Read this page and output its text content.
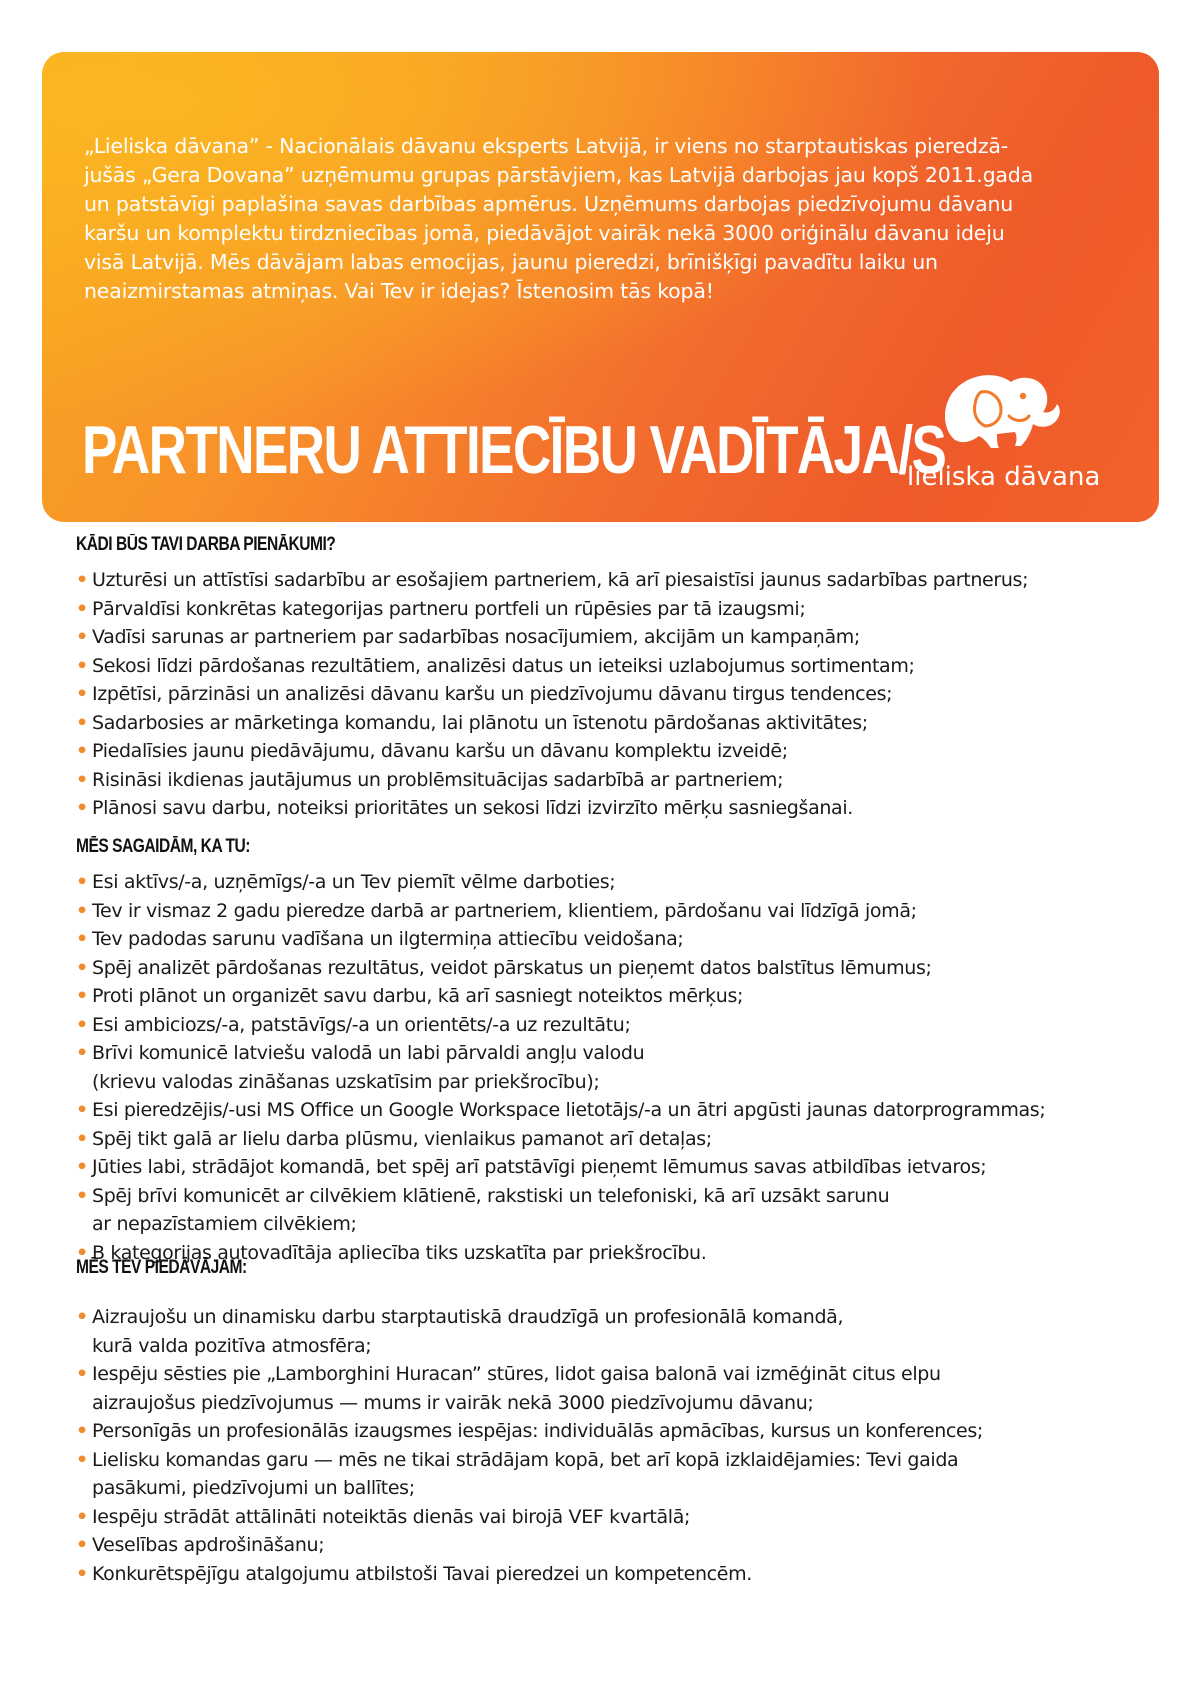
„Lieliska dāvana” - Nacionālais dāvanu eksperts Latvijā, ir viens no starptautiskas pieredzā-
jušās „Gera Dovana” uzņēmumu grupas pārstāvjiem, kas Latvijā darbojas jau kopš 2011.gada
un patstāvīgi paplašina savas darbības apmērus. Uzņēmums darbojas piedzīvojumu dāvanu
karšu un komplektu tirdzniecības jomā, piedāvājot vairāk nekā 3000 oriģinālu dāvanu ideju
visā Latvijā. Mēs dāvājam labas emocijas, jaunu pieredzi, brīnišķīgi pavadītu laiku un
neaizmirstamas atmiņas. Vai Tev ir idejas? Īstenosim tās kopā!
PARTNERU ATTIECĪBU VADĪTĀJA/S
lieliska dāvana
KĀDI BŪS TAVI DARBA PIENĀKUMI?
• Uzturēsi un attīstīsi sadarbību ar esošajiem partneriem, kā arī piesaistīsi jaunus sadarbības partnerus;
• Pārvaldīsi konkrētas kategorijas partneru portfeli un rūpēsies par tā izaugsmi;
• Vadīsi sarunas ar partneriem par sadarbības nosacījumiem, akcijām un kampaņām;
• Sekosi līdzi pārdošanas rezultātiem, analizēsi datus un ieteiksi uzlabojumus sortimentam;
• Izpētīsi, pārzināsi un analizēsi dāvanu karšu un piedzīvojumu dāvanu tirgus tendences;
• Sadarbosies ar mārketinga komandu, lai plānotu un īstenotu pārdošanas aktivitātes;
• Piedalīsies jaunu piedāvājumu, dāvanu karšu un dāvanu komplektu izveidē;
• Risināsi ikdienas jautājumus un problēmsituācijas sadarbībā ar partneriem;
• Plānosi savu darbu, noteiksi prioritātes un sekosi līdzi izvirzīto mērķu sasniegšanai.
MĒS SAGAIDĀM, KA TU:
• Esi aktīvs/-a, uzņēmīgs/-a un Tev piemīt vēlme darboties;
• Tev ir vismaz 2 gadu pieredze darbā ar partneriem, klientiem, pārdošanu vai līdzīgā jomā;
• Tev padodas sarunu vadīšana un ilgtermiņa attiecību veidošana;
• Spēj analizēt pārdošanas rezultātus, veidot pārskatus un pieņemt datos balstītus lēmumus;
• Proti plānot un organizēt savu darbu, kā arī sasniegt noteiktos mērķus;
• Esi ambiciozs/-a, patstāvīgs/-a un orientēts/-a uz rezultātu;
• Brīvi komunicē latviešu valodā un labi pārvaldi angļu valodu
(krievu valodas zināšanas uzskatīsim par priekšrocību);
• Esi pieredzējis/-usi MS Office un Google Workspace lietotājs/-a un ātri apgūsti jaunas datorprogrammas;
• Spēj tikt galā ar lielu darba plūsmu, vienlaikus pamanot arī detaļas;
• Jūties labi, strādājot komandā, bet spēj arī patstāvīgi pieņemt lēmumus savas atbildības ietvaros;
• Spēj brīvi komunicēt ar cilvēkiem klātienē, rakstiski un telefoniski, kā arī uzsākt sarunu
ar nepazīstamiem cilvēkiem;
• B kategorijas autovadītāja apliecība tiks uzskatīta par priekšrocību.
MĒS TEV PIEDĀVĀJAM:
• Aizraujošu un dinamisku darbu starptautiskā draudzīgā un profesionālā komandā,
kurā valda pozitīva atmosfēra;
• Iespēju sēsties pie „Lamborghini Huracan” stūres, lidot gaisa balonā vai izmēģināt citus elpu
aizraujošus piedzīvojumus — mums ir vairāk nekā 3000 piedzīvojumu dāvanu;
• Personīgās un profesionālās izaugsmes iespējas: individuālās apmācības, kursus un konferences;
• Lielisku komandas garu — mēs ne tikai strādājam kopā, bet arī kopā izklaidējamies: Tevi gaida
pasākumi, piedzīvojumi un ballītes;
• Iespēju strādāt attālināti noteiktās dienās vai birojā VEF kvartālā;
• Veselības apdrošināšanu;
• Konkurētspējīgu atalgojumu atbilstoši Tavai pieredzei un kompetencēm.
